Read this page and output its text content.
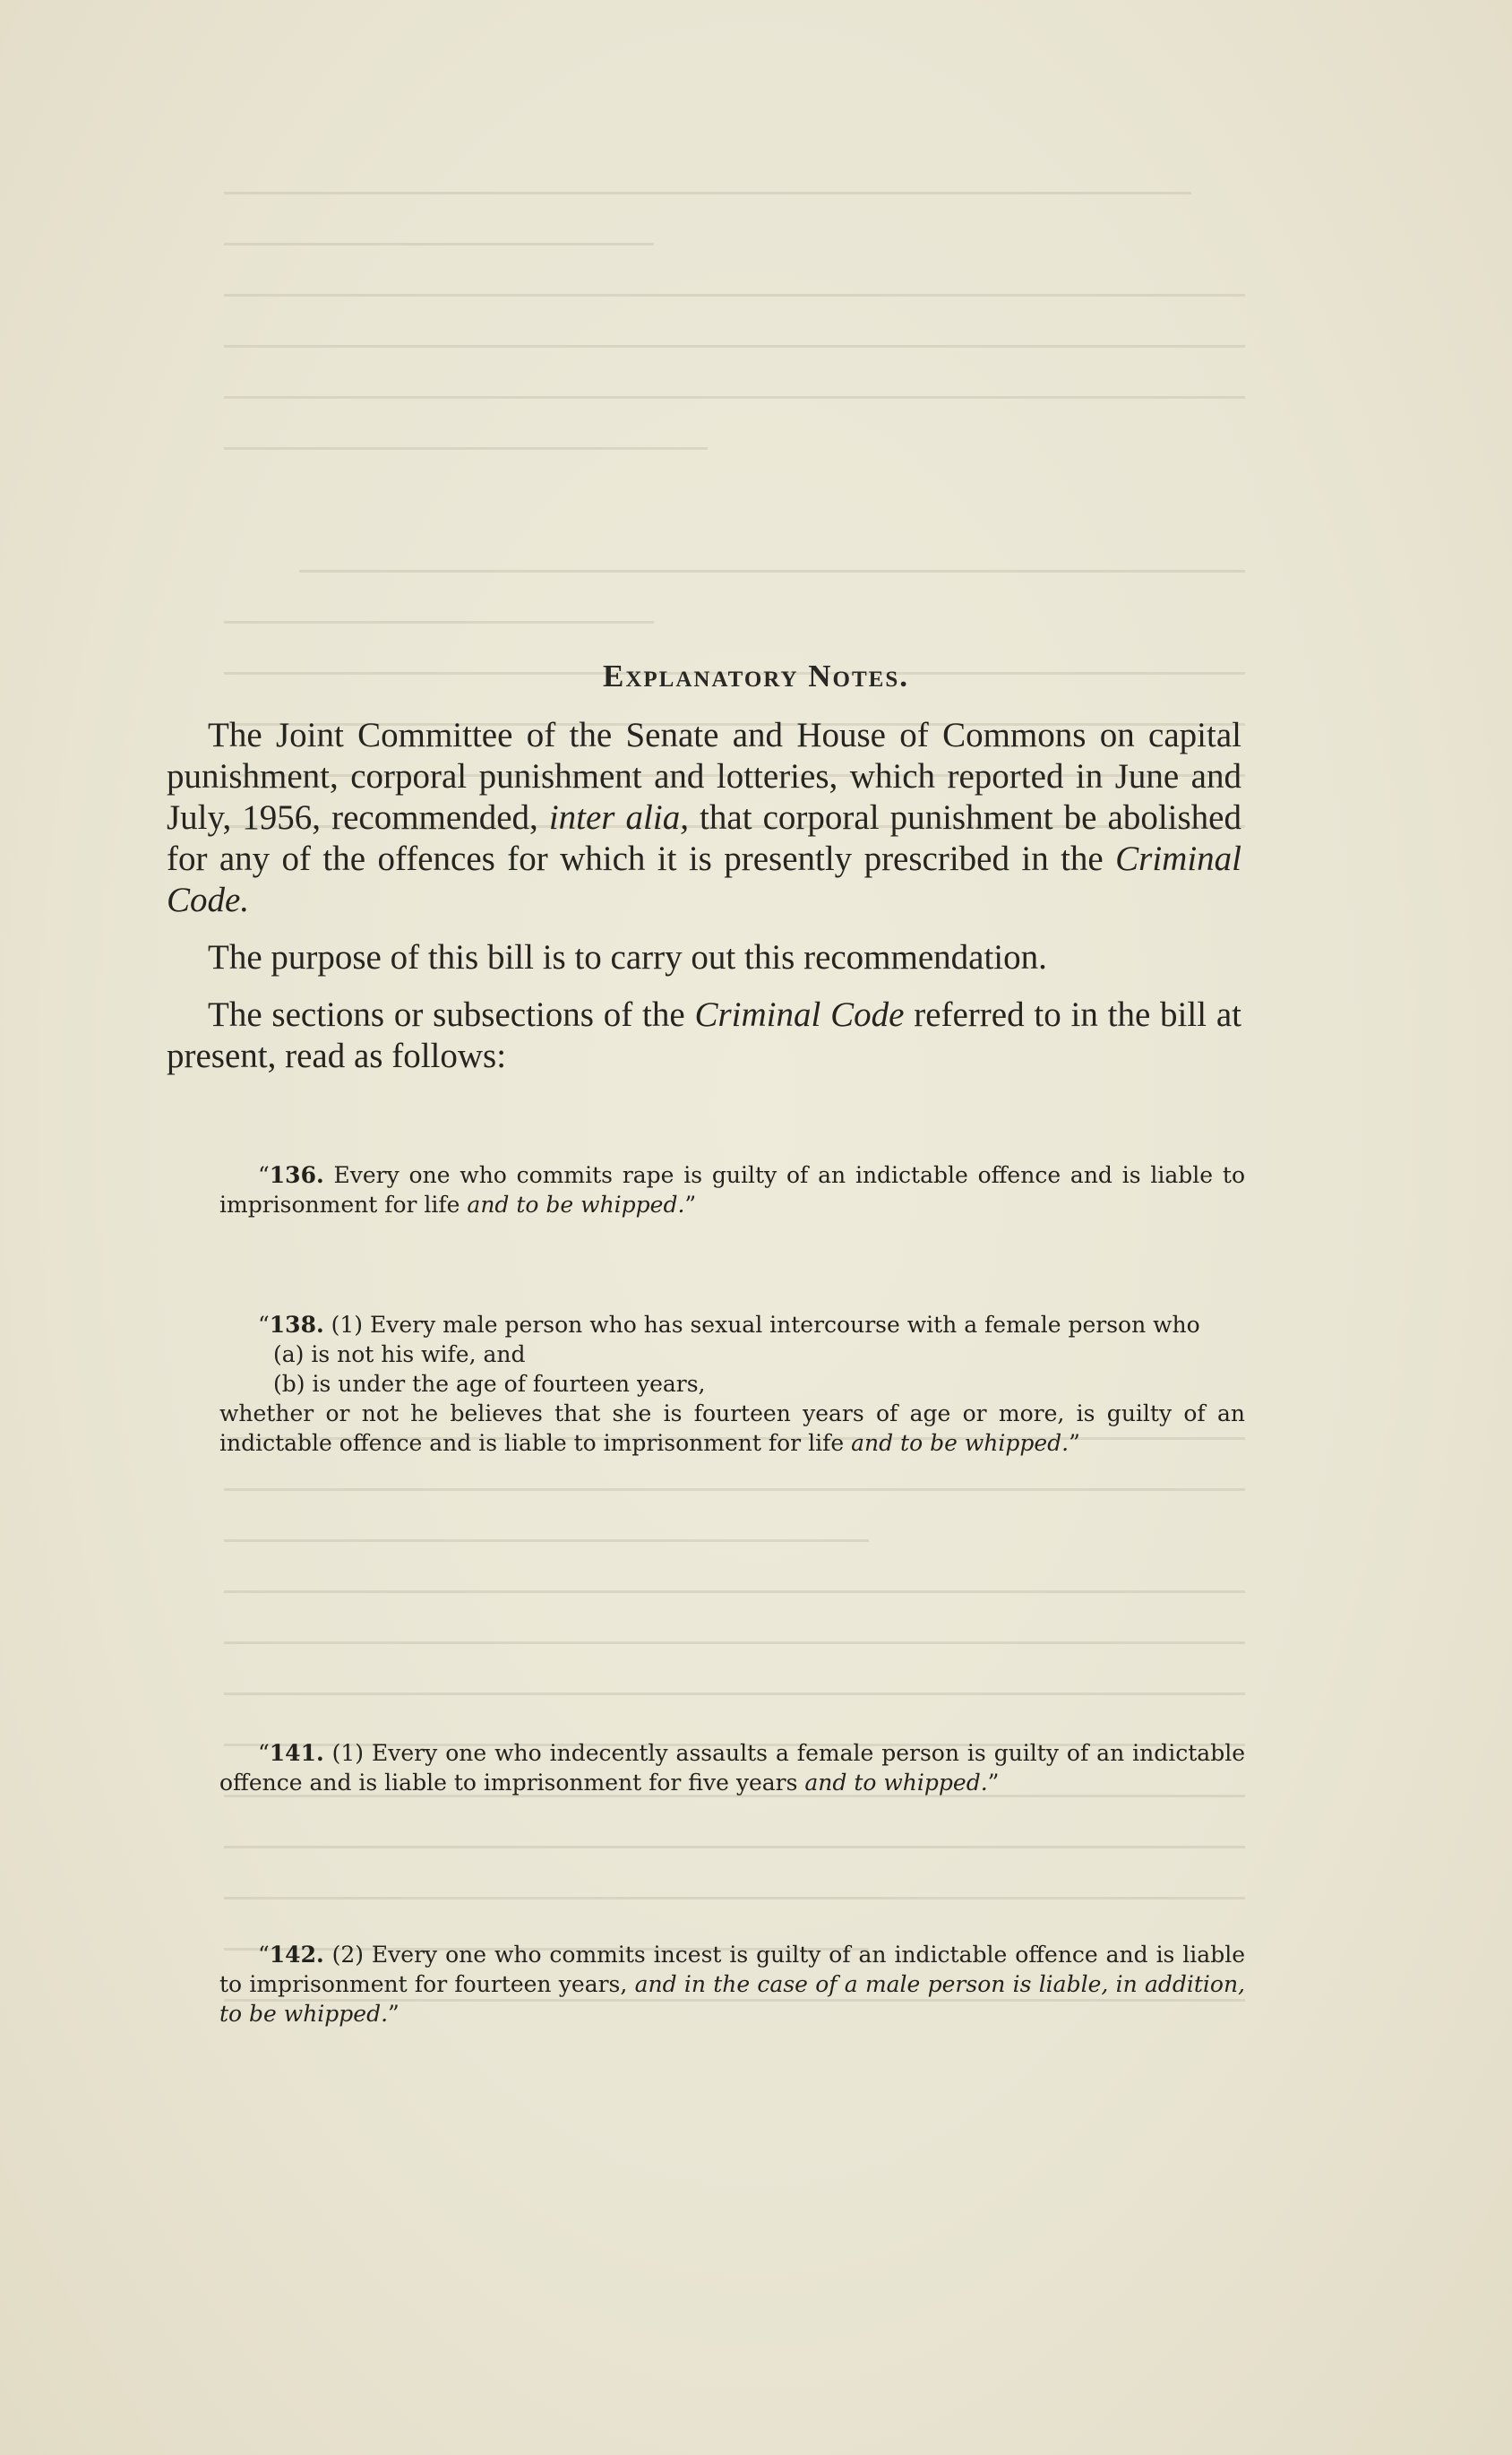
Explanatory Notes.

The Joint Committee of the Senate and House of Commons on capital punishment, corporal punishment and lotteries, which reported in June and July, 1956, recommended, inter alia, that corporal punishment be abolished for any of the offences for which it is presently prescribed in the Criminal Code.

The purpose of this bill is to carry out this recommendation.

The sections or subsections of the Criminal Code referred to in the bill at present, read as follows:

“136. Every one who commits rape is guilty of an indictable offence and is liable to imprisonment for life and to be whipped.”
“138. (1) Every male person who has sexual intercourse with a female person who
(a) is not his wife, and
(b) is under the age of fourteen years,
whether or not he believes that she is fourteen years of age or more, is guilty of an indictable offence and is liable to imprisonment for life and to be whipped.”
“141. (1) Every one who indecently assaults a female person is guilty of an indictable offence and is liable to imprisonment for five years and to whipped.”
“142. (2) Every one who commits incest is guilty of an indictable offence and is liable to imprisonment for fourteen years, and in the case of a male person is liable, in addition, to be whipped.”
